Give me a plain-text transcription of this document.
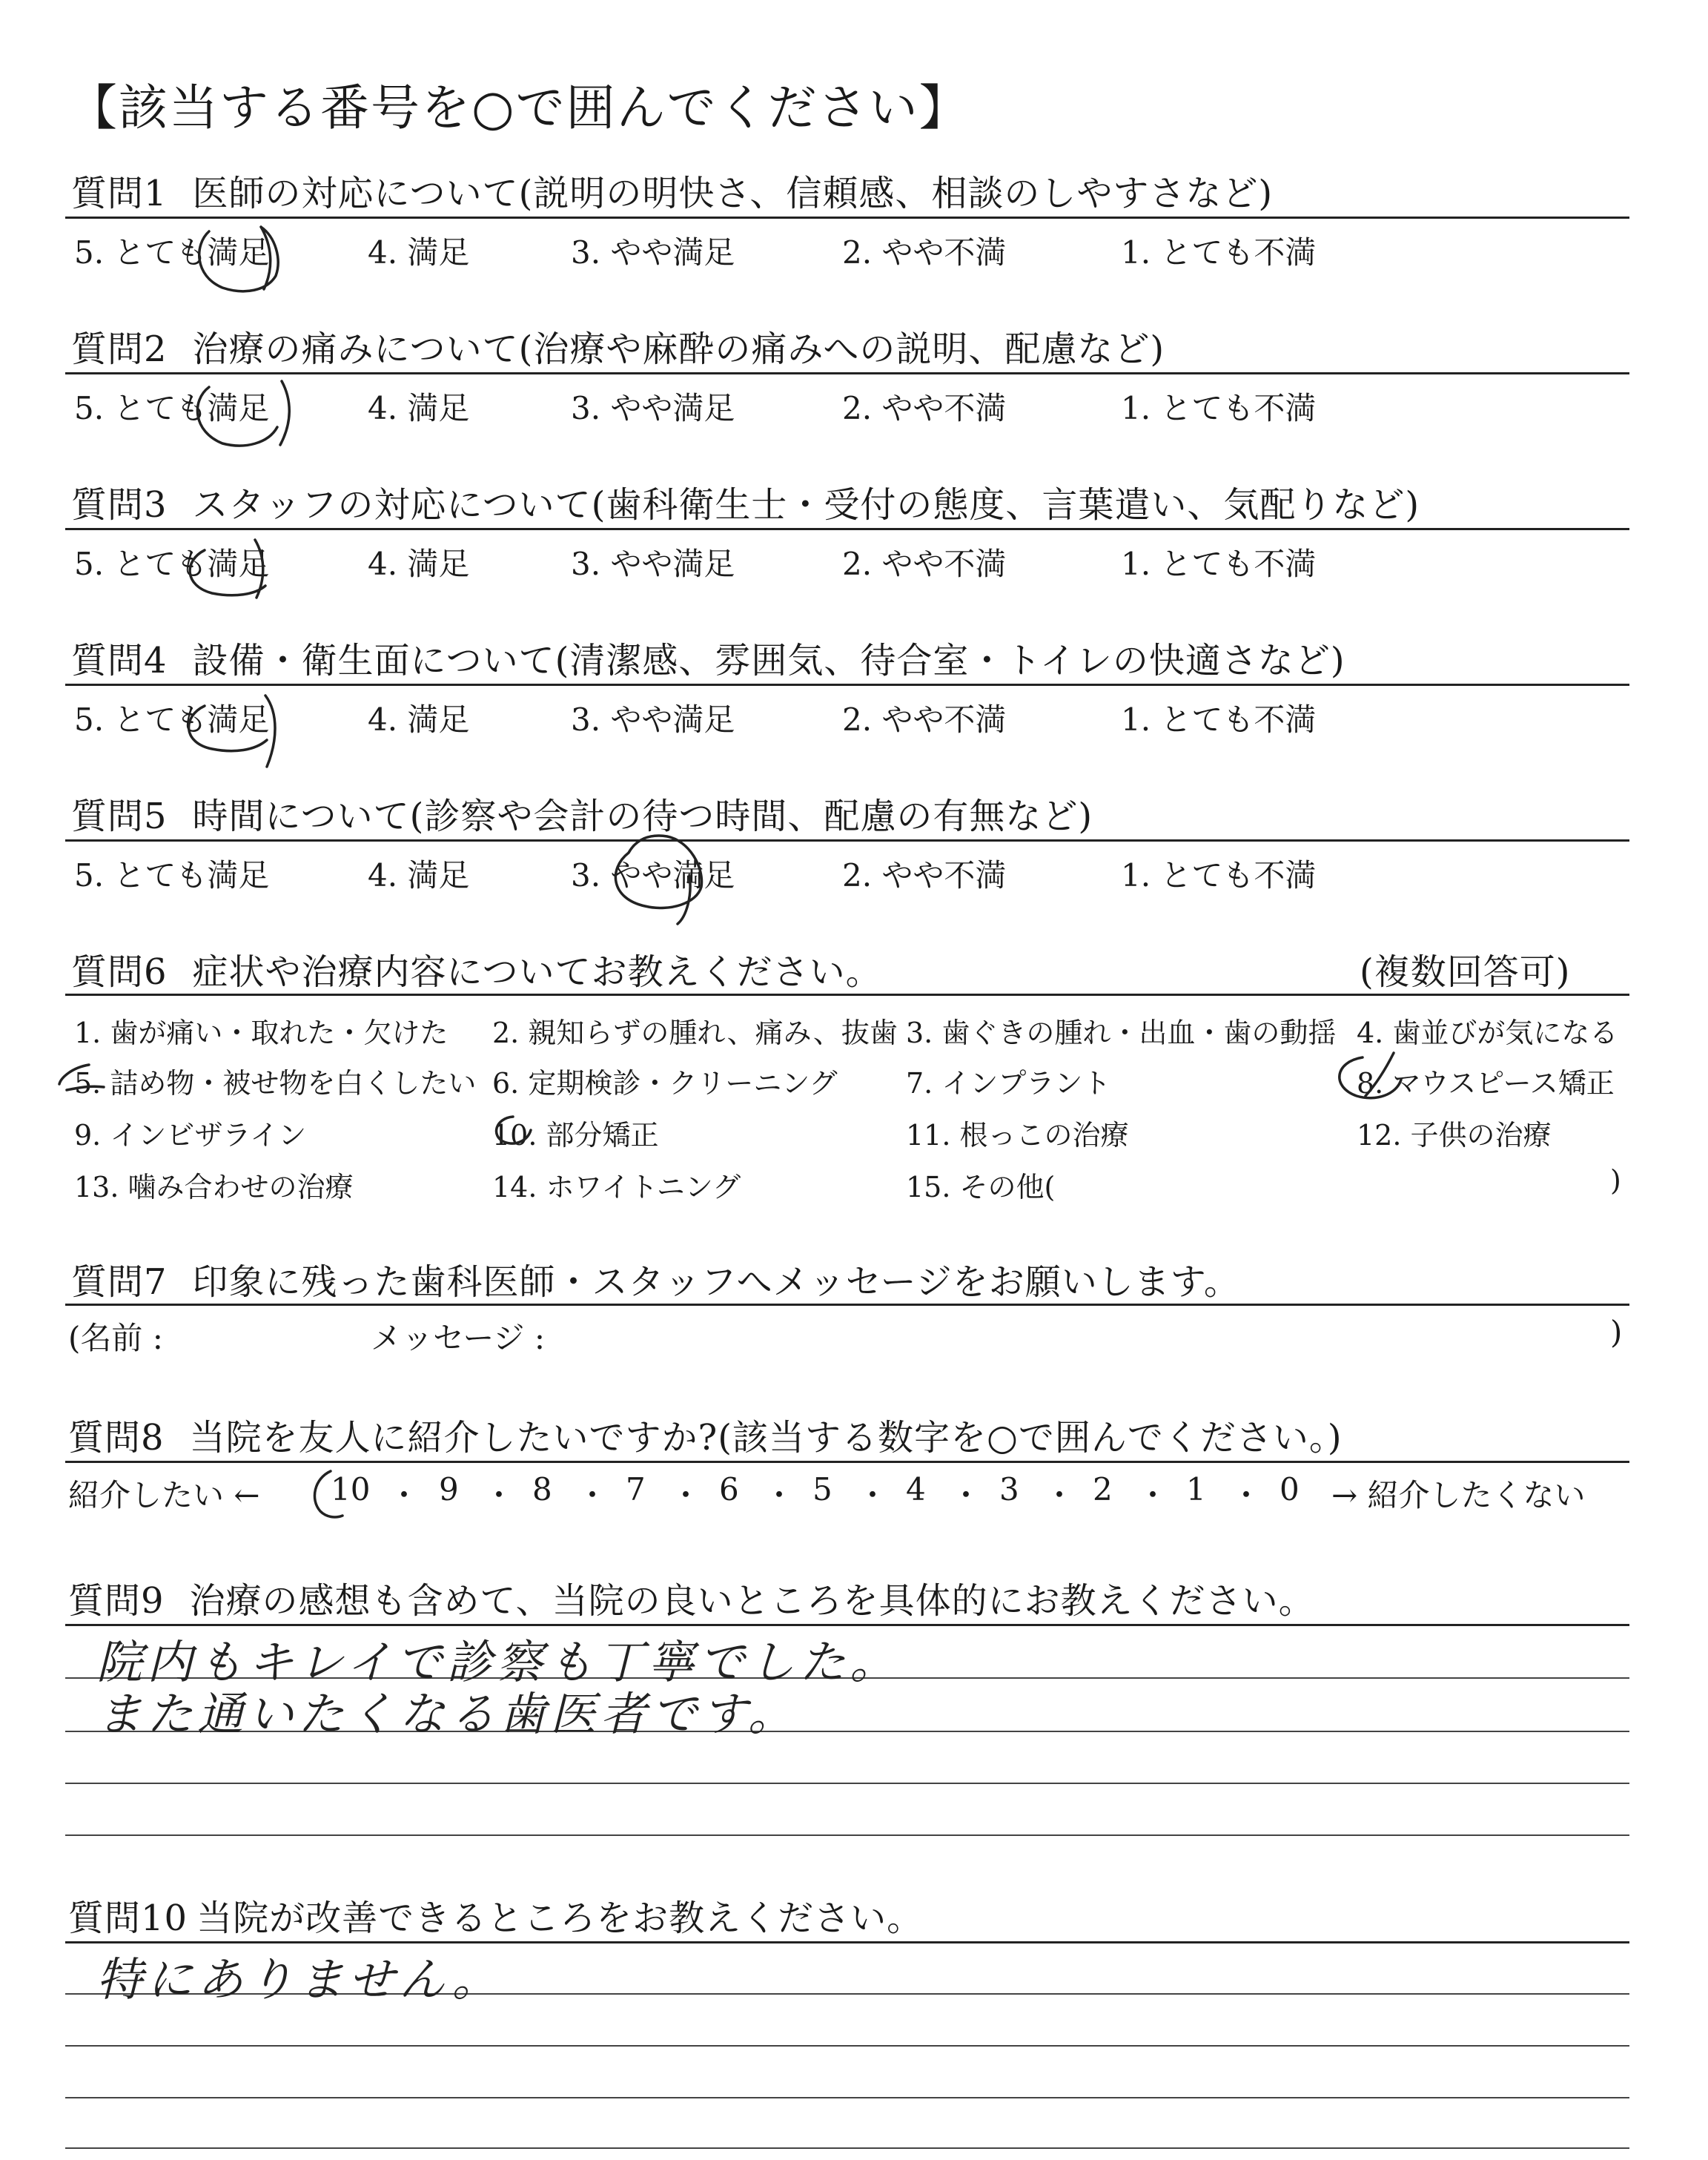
【該当する番号を○で囲んでください】
質問1 医師の対応について(説明の明快さ、信頼感、相談のしやすさなど)
5. とても満足	4. 満足	3. やや満足	2. やや不満	1. とても不満
質問2 治療の痛みについて(治療や麻酔の痛みへの説明、配慮など)
5. とても満足	4. 満足	3. やや満足	2. やや不満	1. とても不満
質問3 スタッフの対応について(歯科衛生士・受付の態度、言葉遣い、気配りなど)
5. とても満足	4. 満足	3. やや満足	2. やや不満	1. とても不満
質問4 設備・衛生面について(清潔感、雰囲気、待合室・トイレの快適さなど)
5. とても満足	4. 満足	3. やや満足	2. やや不満	1. とても不満
質問5 時間について(診察や会計の待つ時間、配慮の有無など)
5. とても満足	4. 満足	3. やや満足	2. やや不満	1. とても不満
質問6 症状や治療内容についてお教えください。	(複数回答可)
1. 歯が痛い・取れた・欠けた 2. 親知らずの腫れ、痛み、抜歯 3. 歯ぐきの腫れ・出血・歯の動揺 4. 歯並びが気になる
5. 詰め物・被せ物を白くしたい 6. 定期検診・クリーニング 7. インプラント	8. マウスピース矯正
9. インビザライン	10. 部分矯正	11. 根っこの治療	12. 子供の治療
13. 噛み合わせの治療	14. ホワイトニング	15. その他(	)
質問7 印象に残った歯科医師・スタッフへメッセージをお願いします。
(名前 :	メッセージ :	)
質問8 当院を友人に紹介したいですか?(該当する数字を○で囲んでください。)
紹介したい ← 10 ・ 9 ・ 8 ・ 7 ・ 6 ・ 5 ・ 4 ・ 3 ・ 2 ・ 1 ・ 0 → 紹介したくない
質問9 治療の感想も含めて、当院の良いところを具体的にお教えください。
院内もキレイで診察も丁寧でした。
また通いたくなる歯医者です。
質問10 当院が改善できるところをお教えください。
特にありません。
